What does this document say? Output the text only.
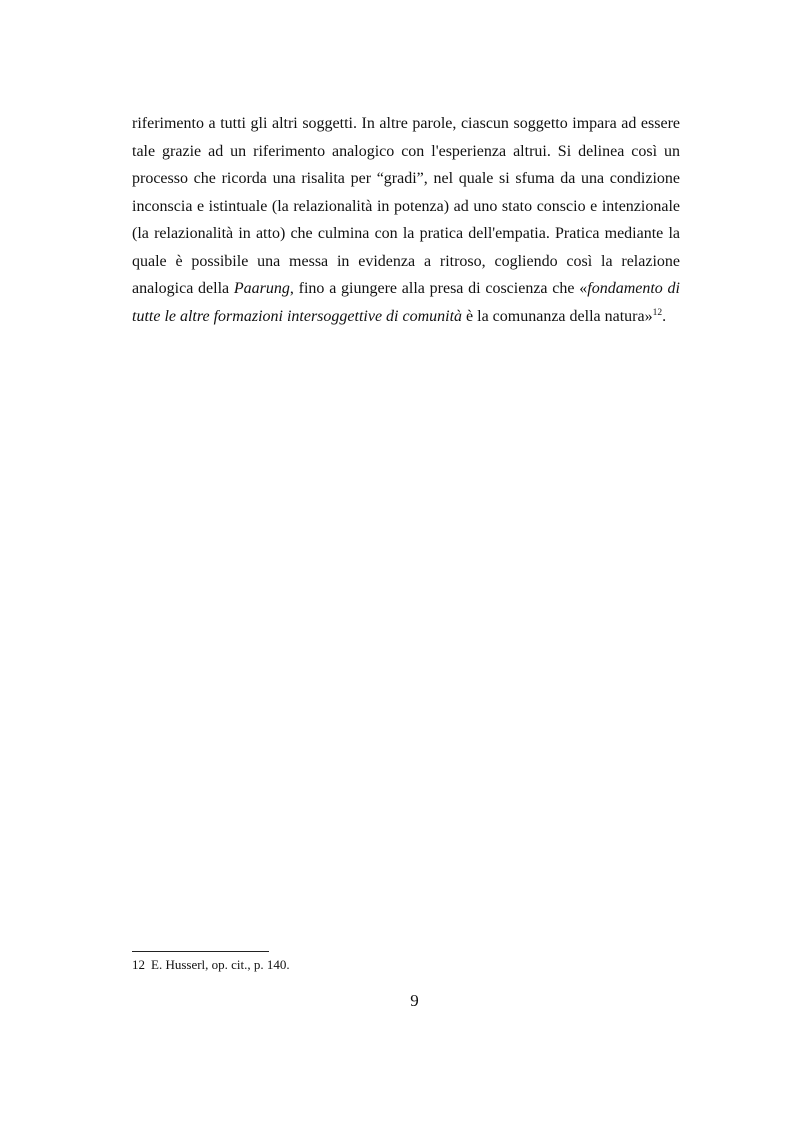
riferimento a tutti gli altri soggetti. In altre parole, ciascun soggetto impara ad essere tale grazie ad un riferimento analogico con l'esperienza altrui. Si delinea così un processo che ricorda una risalita per “gradi”, nel quale si sfuma da una condizione inconscia e istintuale (la relazionalità in potenza) ad uno stato conscio e intenzionale (la relazionalità in atto) che culmina con la pratica dell'empatia. Pratica mediante la quale è possibile una messa in evidenza a ritroso, cogliendo così la relazione analogica della Paarung, fino a giungere alla presa di coscienza che «fondamento di tutte le altre formazioni intersoggettive di comunità è la comunanza della natura»$^{12}$.

12 E. Husserl, op. cit., p. 140.

9
